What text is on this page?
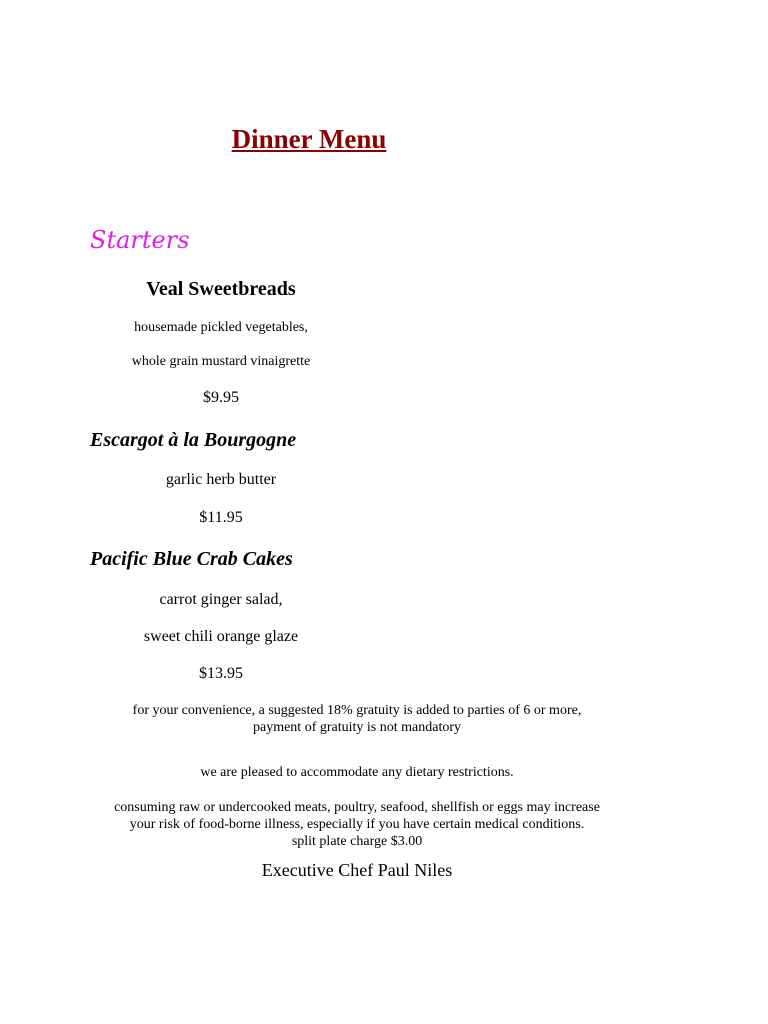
Dinner Menu
Starters
Veal Sweetbreads
housemade pickled vegetables,
whole grain mustard vinaigrette
$9.95
Escargot à la Bourgogne
garlic herb butter
$11.95
Pacific Blue Crab Cakes
carrot ginger salad,
sweet chili orange glaze
$13.95
for your convenience, a suggested 18% gratuity is added to parties of 6 or more,
payment of gratuity is not mandatory
we are pleased to accommodate any dietary restrictions.
consuming raw or undercooked meats, poultry, seafood, shellfish or eggs may increase
your risk of food-borne illness, especially if you have certain medical conditions.
split plate charge $3.00
Executive Chef Paul Niles
